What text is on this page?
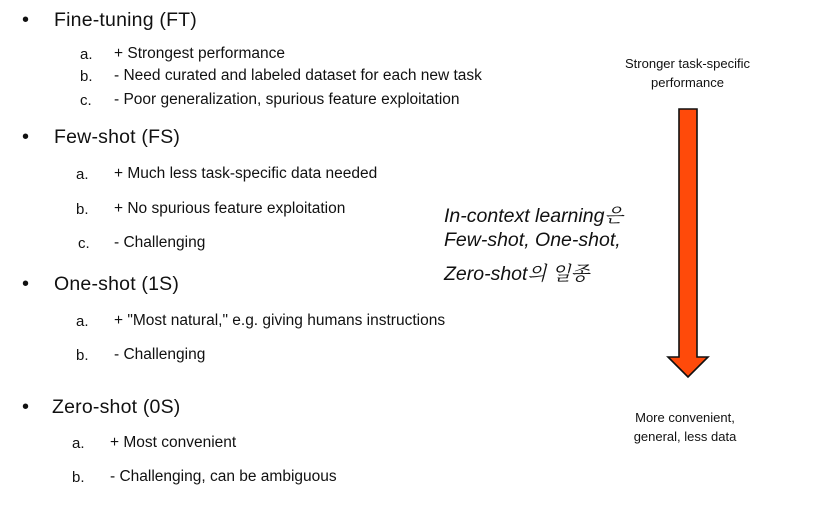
• Fine-tuning (FT)
a. + Strongest performance
b. - Need curated and labeled dataset for each new task
c. - Poor generalization, spurious feature exploitation
• Few-shot (FS)
a. + Much less task-specific data needed
b. + No spurious feature exploitation
c. - Challenging
• One-shot (1S)
a. + "Most natural," e.g. giving humans instructions
b. - Challenging
• Zero-shot (0S)
a. + Most convenient
b. - Challenging, can be ambiguous
In-context learning은
Few-shot, One-shot,
Zero-shot의 일종
Stronger task-specific
performance
More convenient,
general, less data
